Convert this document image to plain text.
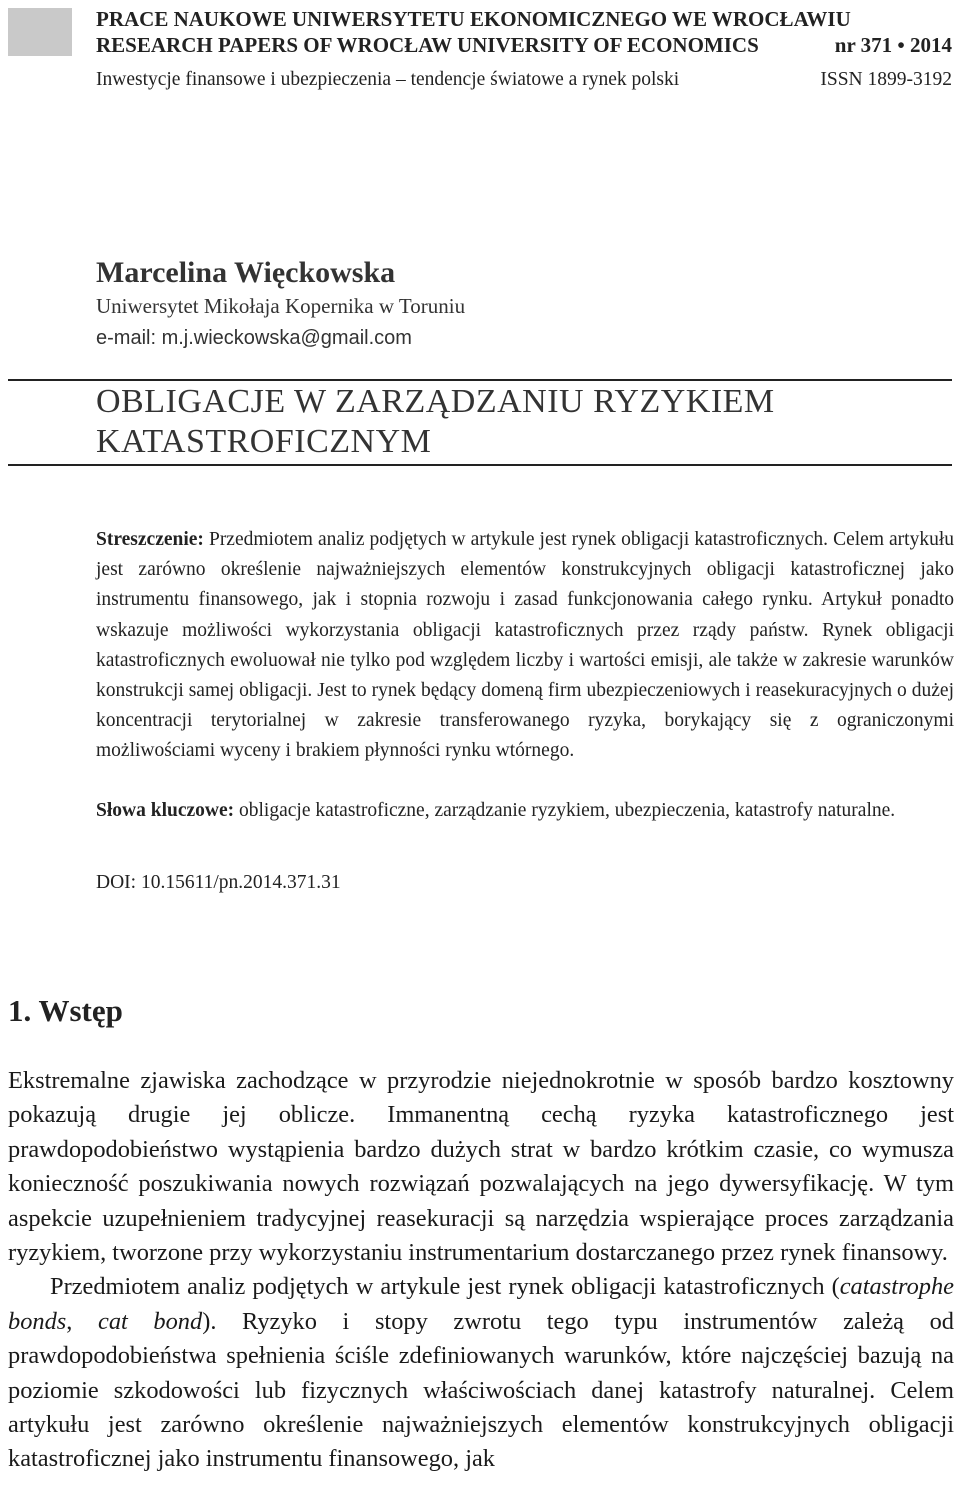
PRACE NAUKOWE UNIWERSYTETU EKONOMICZNEGO WE WROCŁAWIU
RESEARCH PAPERS OF WROCŁAW UNIVERSITY OF ECONOMICS	nr 371 • 2014
Inwestycje finansowe i ubezpieczenia – tendencje światowe a rynek polski	ISSN 1899-3192
Marcelina Więckowska
Uniwersytet Mikołaja Kopernika w Toruniu
e-mail: m.j.wieckowska@gmail.com
OBLIGACJE W ZARZĄDZANIU RYZYKIEM
KATASTROFICZNYM
Streszczenie: Przedmiotem analiz podjętych w artykule jest rynek obligacji katastroficznych. Celem artykułu jest zarówno określenie najważniejszych elementów konstrukcyjnych obligacji katastroficznej jako instrumentu finansowego, jak i stopnia rozwoju i zasad funkcjonowania całego rynku. Artykuł ponadto wskazuje możliwości wykorzystania obligacji katastroficznych przez rządy państw. Rynek obligacji katastroficznych ewoluował nie tylko pod względem liczby i wartości emisji, ale także w zakresie warunków konstrukcji samej obligacji. Jest to rynek będący domeną firm ubezpieczeniowych i reasekuracyjnych o dużej koncentracji terytorialnej w zakresie transferowanego ryzyka, borykający się z ograniczonymi możliwościami wyceny i brakiem płynności rynku wtórnego.
Słowa kluczowe: obligacje katastroficzne, zarządzanie ryzykiem, ubezpieczenia, katastrofy naturalne.
DOI: 10.15611/pn.2014.371.31
1. Wstęp

Ekstremalne zjawiska zachodzące w przyrodzie niejednokrotnie w sposób bardzo kosztowny pokazują drugie jej oblicze. Immanentną cechą ryzyka katastroficznego jest prawdopodobieństwo wystąpienia bardzo dużych strat w bardzo krótkim czasie, co wymusza konieczność poszukiwania nowych rozwiązań pozwalających na jego dywersyfikację. W tym aspekcie uzupełnieniem tradycyjnej reasekuracji są narzędzia wspierające proces zarządzania ryzykiem, tworzone przy wykorzystaniu instrumentarium dostarczanego przez rynek finansowy.

Przedmiotem analiz podjętych w artykule jest rynek obligacji katastroficznych (catastrophe bonds, cat bond). Ryzyko i stopy zwrotu tego typu instrumentów zależą od prawdopodobieństwa spełnienia ściśle zdefiniowanych warunków, które najczęściej bazują na poziomie szkodowości lub fizycznych właściwościach danej katastrofy naturalnej. Celem artykułu jest zarówno określenie najważniejszych elementów konstrukcyjnych obligacji katastroficznej jako instrumentu finansowego, jak
